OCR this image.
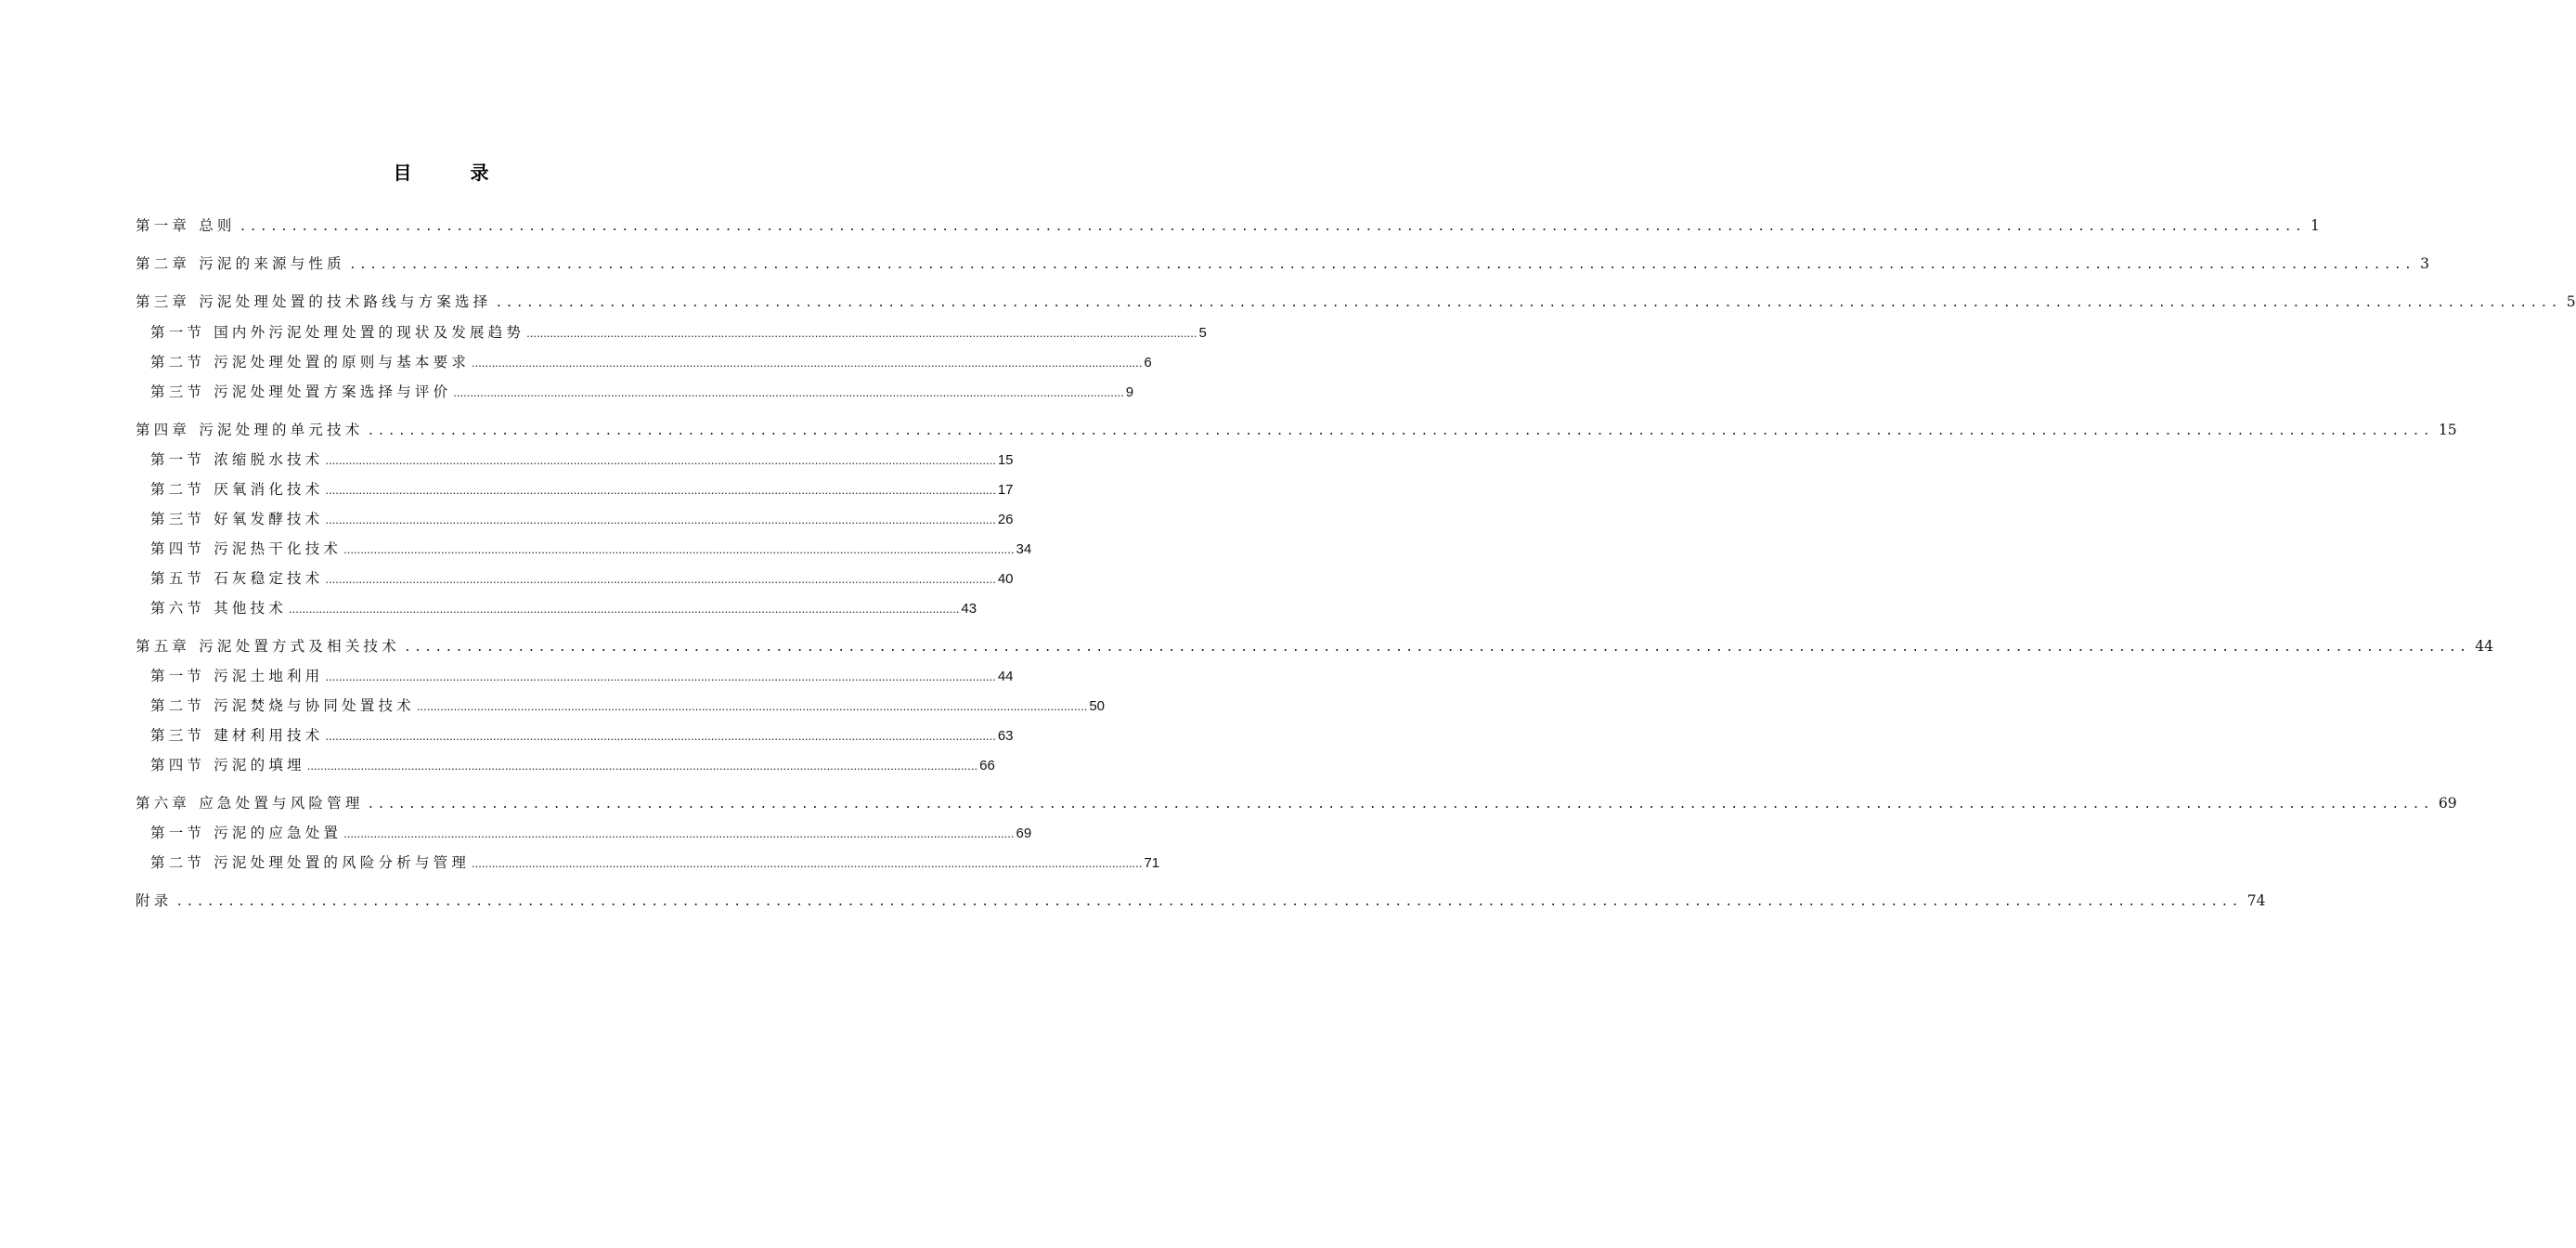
目 录
第一章 总则 ........................................................................................................................................................................................................ 1
第二章 污泥的来源与性质 ........................................................................................................................................................................................................ 3
第三章 污泥处理处置的技术路线与方案选择 ........................................................................................................................................................................................................ 5
第一节 国内外污泥处理处置的现状及发展趋势 ........................................................................................................................................................................................................ 5
第二节 污泥处理处置的原则与基本要求 ........................................................................................................................................................................................................ 6
第三节 污泥处理处置方案选择与评价 ........................................................................................................................................................................................................ 9
第四章 污泥处理的单元技术 ........................................................................................................................................................................................................ 15
第一节 浓缩脱水技术 ........................................................................................................................................................................................................ 15
第二节 厌氧消化技术 ........................................................................................................................................................................................................ 17
第三节 好氧发酵技术 ........................................................................................................................................................................................................ 26
第四节 污泥热干化技术 ........................................................................................................................................................................................................ 34
第五节 石灰稳定技术 ........................................................................................................................................................................................................ 40
第六节 其他技术 ........................................................................................................................................................................................................ 43
第五章 污泥处置方式及相关技术 ........................................................................................................................................................................................................ 44
第一节 污泥土地利用 ........................................................................................................................................................................................................ 44
第二节 污泥焚烧与协同处置技术 ........................................................................................................................................................................................................ 50
第三节 建材利用技术 ........................................................................................................................................................................................................ 63
第四节 污泥的填埋 ........................................................................................................................................................................................................ 66
第六章 应急处置与风险管理 ........................................................................................................................................................................................................ 69
第一节 污泥的应急处置 ........................................................................................................................................................................................................ 69
第二节 污泥处理处置的风险分析与管理 ........................................................................................................................................................................................................ 71
附录 ........................................................................................................................................................................................................ 74
